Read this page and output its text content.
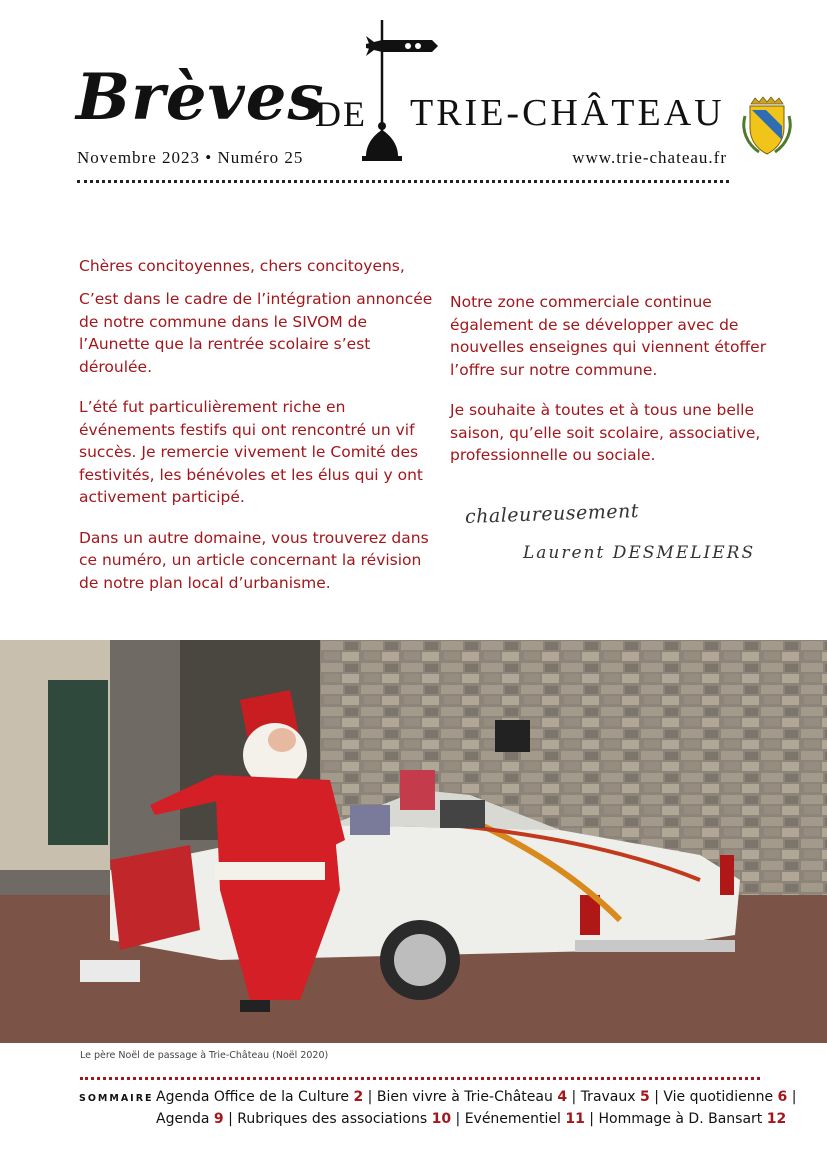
Brèves
DE TRIE-CHÂTEAU
Novembre 2023 • Numéro 25	www.trie-chateau.fr
Chères concitoyennes, chers concitoyens,

C’est dans le cadre de l’intégration annoncée de notre commune dans le SIVOM de l’Aunette que la rentrée scolaire s’est déroulée.

L’été fut particulièrement riche en événements festifs qui ont rencontré un vif succès. Je remercie vivement le Comité des festivités, les bénévoles et les élus qui y ont activement participé.

Dans un autre domaine, vous trouverez dans ce numéro, un article concernant la révision de notre plan local d’urbanisme.

Notre zone commerciale continue également de se développer avec de nouvelles enseignes qui viennent étoffer l’offre sur notre commune.

Je souhaite à toutes et à tous une belle saison, qu’elle soit scolaire, associative, professionnelle ou sociale.

chaleureusement
Laurent DESMELIERS
Le père Noël de passage à Trie-Château (Noël 2020)
SOMMAIRE Agenda Office de la Culture 2 | Bien vivre à Trie-Château 4 | Travaux 5 | Vie quotidienne 6 |
Agenda 9 | Rubriques des associations 10 | Evénementiel 11 | Hommage à D. Bansart 12
